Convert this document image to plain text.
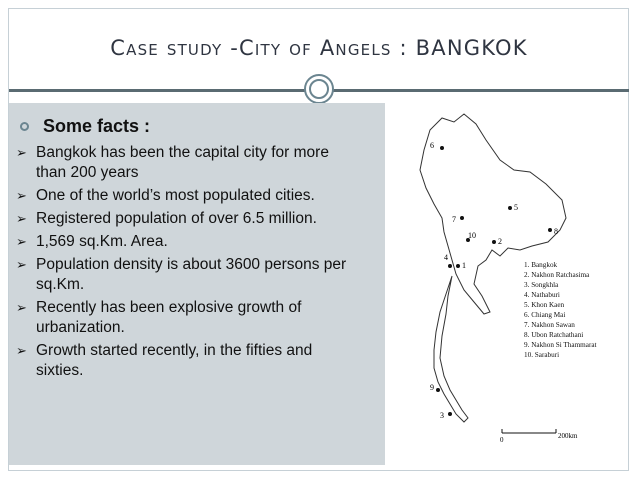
Case study -City of Angels : BANGKOK
Some facts :
➢ Bangkok has been the capital city for more than 200 years
➢ One of the world’s most populated cities.
➢ Registered population of over 6.5 million.
➢ 1,569 sq.Km. Area.
➢ Population density is about 3600 persons per sq.Km.
➢ Recently has been explosive growth of urbanization.
➢ Growth started recently, in the fifties and sixties.
6
7
5
10
2
8
4
1
9
3
1. Bangkok
2. Nakhon Ratchasima
3. Songkhla
4. Nathaburi
5. Khon Kaen
6. Chiang Mai
7. Nakhon Sawan
8. Ubon Ratchathani
9. Nakhon Si Thammarat
10. Saraburi
0	200km
